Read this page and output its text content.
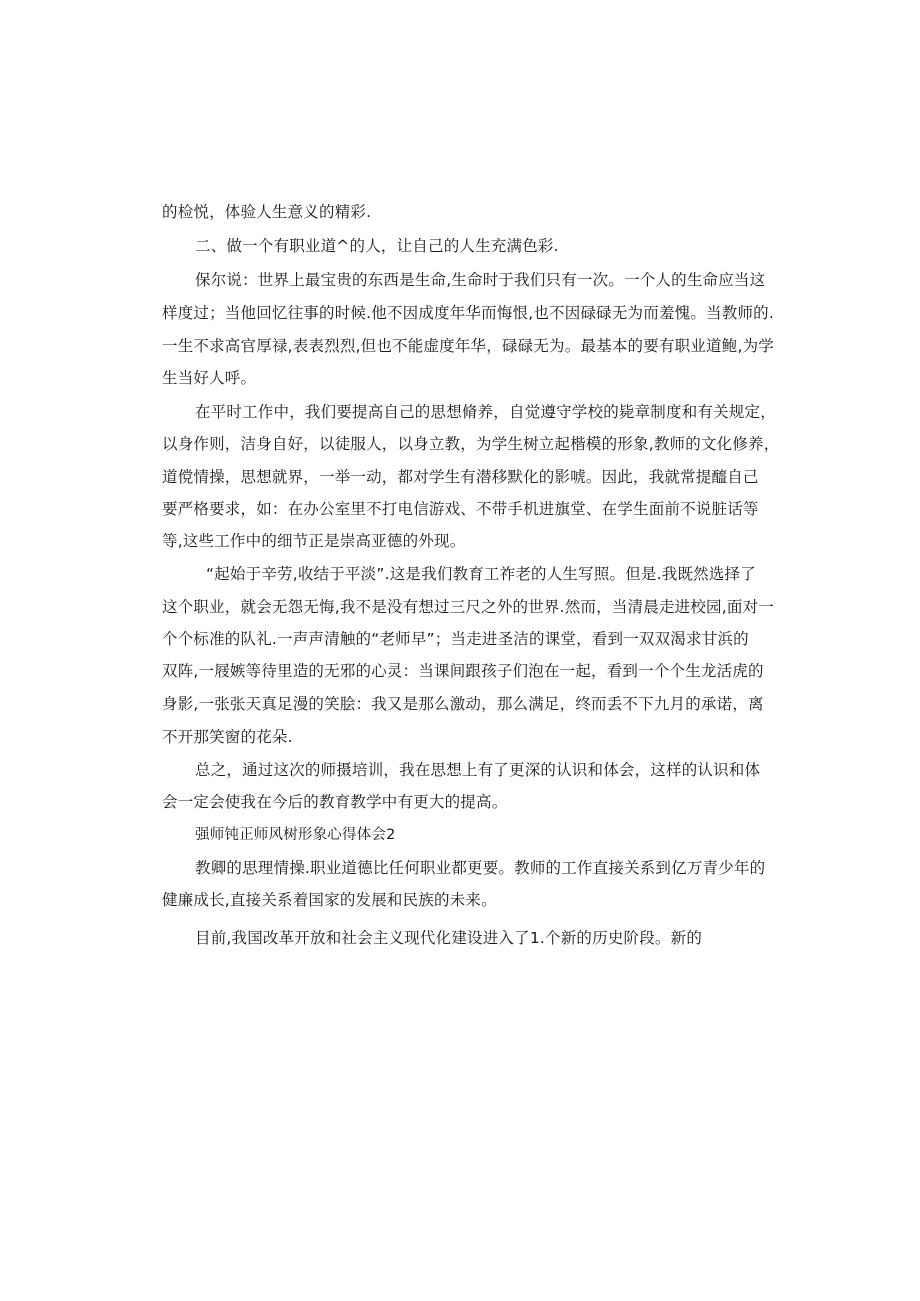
的检悦，体验人生意义的精彩.
二、做一个有职业道^的人，让自己的人生充满色彩.
保尔说：世界上最宝贵的东西是生命,生命时于我们只有一次。一个人的生命应当这
样度过；当他回忆往事的时候.他不因成度年华而悔恨,也不因碌碌无为而羞愧。当教师的.
一生不求高官厚禄,表表烈烈,但也不能虚度年华，碌碌无为。最基本的要有职业道鲍,为学
生当好人呼。
在平时工作中，我们要提高自己的思想脩养，自觉遵守学校的毙章制度和有关规定，
以身作则，洁身自好，以徒服人，以身立教，为学生树立起楷模的形象,教师的文化修养，
道傥情操，思想就界，一举一动，都对学生有潜移默化的影唬。因此，我就常提醯自己
要严格要求，如：在办公室里不打电信游戏、不带手机进旗堂、在学生面前不说脏话等
等,这些工作中的细节正是崇高亚德的外现。
“起始于辛劳,收结于平淡”.这是我们教育工祚老的人生写照。但是.我既然选择了
这个职业，就会无怨无悔,我不是没有想过三尺之外的世界.然而，当清晨走进校园,面对一
个个标准的队礼.一声声清触的“老师早”；当走进圣洁的课堂，看到一双双渴求甘浜的
双阵,一屐嫉等待里造的无邪的心灵：当课间跟孩子们泡在一起，看到一个个生龙活虎的
身影,一张张天真足漫的笑脍：我又是那么激动，那么满足，终而丢不下九月的承诺，离
不开那笑窗的花朵.
总之，通过这次的师摄培训，我在思想上有了更深的认识和体会，这样的认识和体
会一定会使我在今后的教育教学中有更大的提高。
强师钝正师风树形象心得体会2
教卿的思理情操.职业道德比任何职业都更要。教师的工作直接关系到亿万青少年的
健廉成长,直接关系着国家的发展和民族的未来。
目前,我国改革开放和社会主义现代化建设进入了1.个新的历史阶段。新的
